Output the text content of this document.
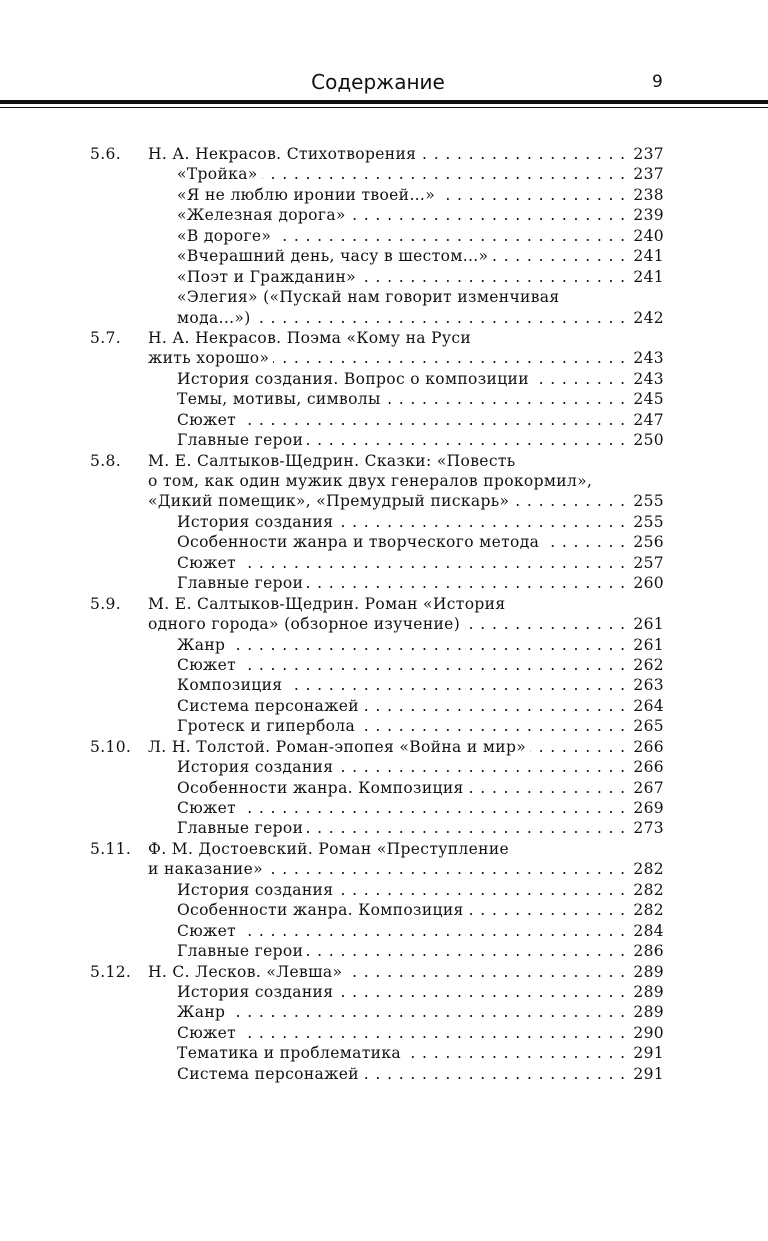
Содержание	9
5.6. Н. А. Некрасов. Стихотворения . . .	237
«Тройка» . . .	237
«Я не люблю иронии твоей…» . . .	238
«Железная дорога» . . .	239
«В дороге» . . .	240
«Вчерашний день, часу в шестом...» . . .	241
«Поэт и Гражданин» . . .	241
«Элегия» («Пускай нам говорит изменчивая
мода...») . . .	242
5.7. Н. А. Некрасов. Поэма «Кому на Руси
жить хорошо» . . .	243
История создания. Вопрос о композиции . . .	243
Темы, мотивы, символы . . .	245
Сюжет . . .	247
Главные герои . . .	250
5.8. М. Е. Салтыков-Щедрин. Сказки: «Повесть
о том, как один мужик двух генералов прокормил»,
«Дикий помещик», «Премудрый пискарь» . . .	255
История создания . . .	255
Особенности жанра и творческого метода . . .	256
Сюжет . . .	257
Главные герои . . .	260
5.9. М. Е. Салтыков-Щедрин. Роман «История
одного города» (обзорное изучение) . . .	261
Жанр . . .	261
Сюжет . . .	262
Композиция . . .	263
Система персонажей . . .	264
Гротеск и гипербола . . .	265
5.10. Л. Н. Толстой. Роман-эпопея «Война и мир» . . .	266
История создания . . .	266
Особенности жанра. Композиция . . .	267
Сюжет . . .	269
Главные герои . . .	273
5.11. Ф. М. Достоевский. Роман «Преступление
и наказание» . . .	282
История создания . . .	282
Особенности жанра. Композиция . . .	282
Сюжет . . .	284
Главные герои . . .	286
5.12. Н. С. Лесков. «Левша» . . .	289
История создания . . .	289
Жанр . . .	289
Сюжет . . .	290
Тематика и проблематика . . .	291
Система персонажей . . .	291
